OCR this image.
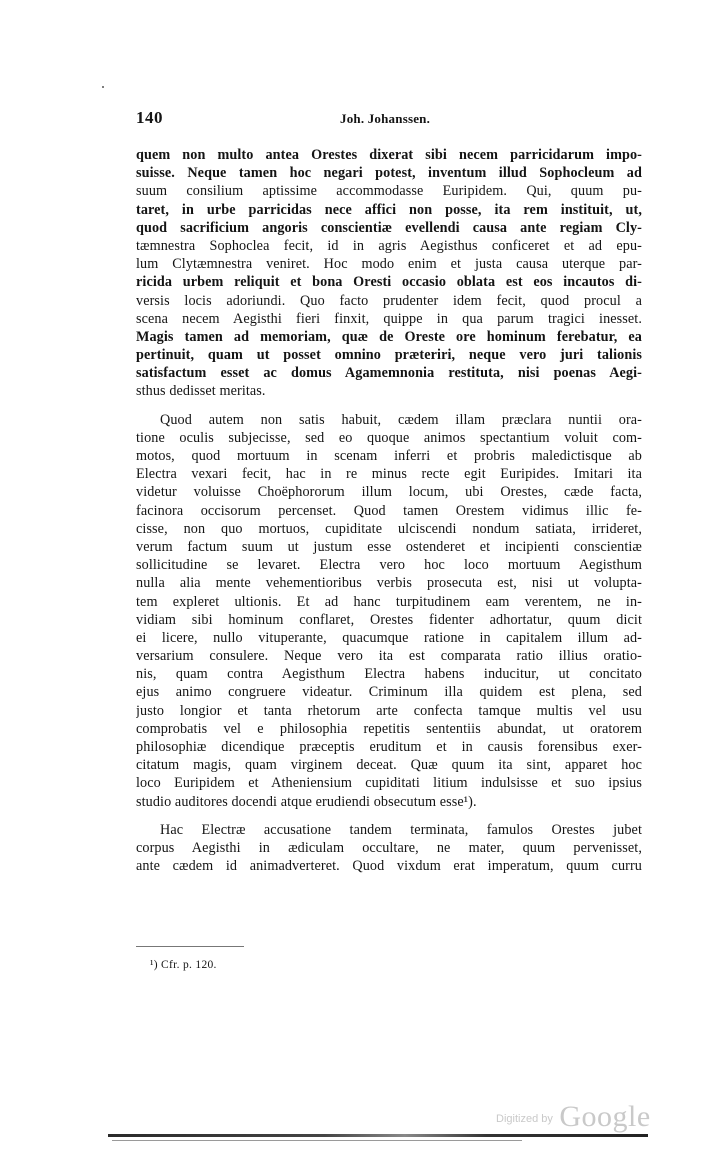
140	Joh. Johanssen.
quem non multo antea Orestes dixerat sibi necem parricidarum impo-
suisse. Neque tamen hoc negari potest, inventum illud Sophocleum ad
suum consilium aptissime accommodasse Euripidem. Qui, quum pu-
taret, in urbe parricidas nece affici non posse, ita rem instituit, ut,
quod sacrificium angoris conscientiæ evellendi causa ante regiam Cly-
tæmnestra Sophoclea fecit, id in agris Aegisthus conficeret et ad epu-
lum Clytæmnestra veniret. Hoc modo enim et justa causa uterque par-
ricida urbem reliquit et bona Oresti occasio oblata est eos incautos di-
versis locis adoriundi. Quo facto prudenter idem fecit, quod procul a
scena necem Aegisthi fieri finxit, quippe in qua parum tragici inesset.
Magis tamen ad memoriam, quæ de Oreste ore hominum ferebatur, ea
pertinuit, quam ut posset omnino præteriri, neque vero juri talionis
satisfactum esset ac domus Agamemnonia restituta, nisi poenas Aegi-
sthus dedisset meritas.
Quod autem non satis habuit, cædem illam præclara nuntii ora-
tione oculis subjecisse, sed eo quoque animos spectantium voluit com-
motos, quod mortuum in scenam inferri et probris maledictisque ab
Electra vexari fecit, hac in re minus recte egit Euripides. Imitari ita
videtur voluisse Choëphororum illum locum, ubi Orestes, cæde facta,
facinora occisorum percenset. Quod tamen Orestem vidimus illic fe-
cisse, non quo mortuos, cupiditate ulciscendi nondum satiata, irrideret,
verum factum suum ut justum esse ostenderet et incipienti conscientiæ
sollicitudine se levaret. Electra vero hoc loco mortuum Aegisthum
nulla alia mente vehementioribus verbis prosecuta est, nisi ut volupta-
tem expleret ultionis. Et ad hanc turpitudinem eam verentem, ne in-
vidiam sibi hominum conflaret, Orestes fidenter adhortatur, quum dicit
ei licere, nullo vituperante, quacumque ratione in capitalem illum ad-
versarium consulere. Neque vero ita est comparata ratio illius oratio-
nis, quam contra Aegisthum Electra habens inducitur, ut concitato
ejus animo congruere videatur. Criminum illa quidem est plena, sed
justo longior et tanta rhetorum arte confecta tamque multis vel usu
comprobatis vel e philosophia repetitis sententiis abundat, ut oratorem
philosophiæ dicendique præceptis eruditum et in causis forensibus exer-
citatum magis, quam virginem deceat. Quæ quum ita sint, apparet hoc
loco Euripidem et Atheniensium cupiditati litium indulsisse et suo ipsius
studio auditores docendi atque erudiendi obsecutum esse¹).
Hac Electræ accusatione tandem terminata, famulos Orestes jubet
corpus Aegisthi in ædiculam occultare, ne mater, quum pervenisset,
ante cædem id animadverteret. Quod vixdum erat imperatum, quum curru
¹) Cfr. p. 120.
$^{Digitized by}$ Google
